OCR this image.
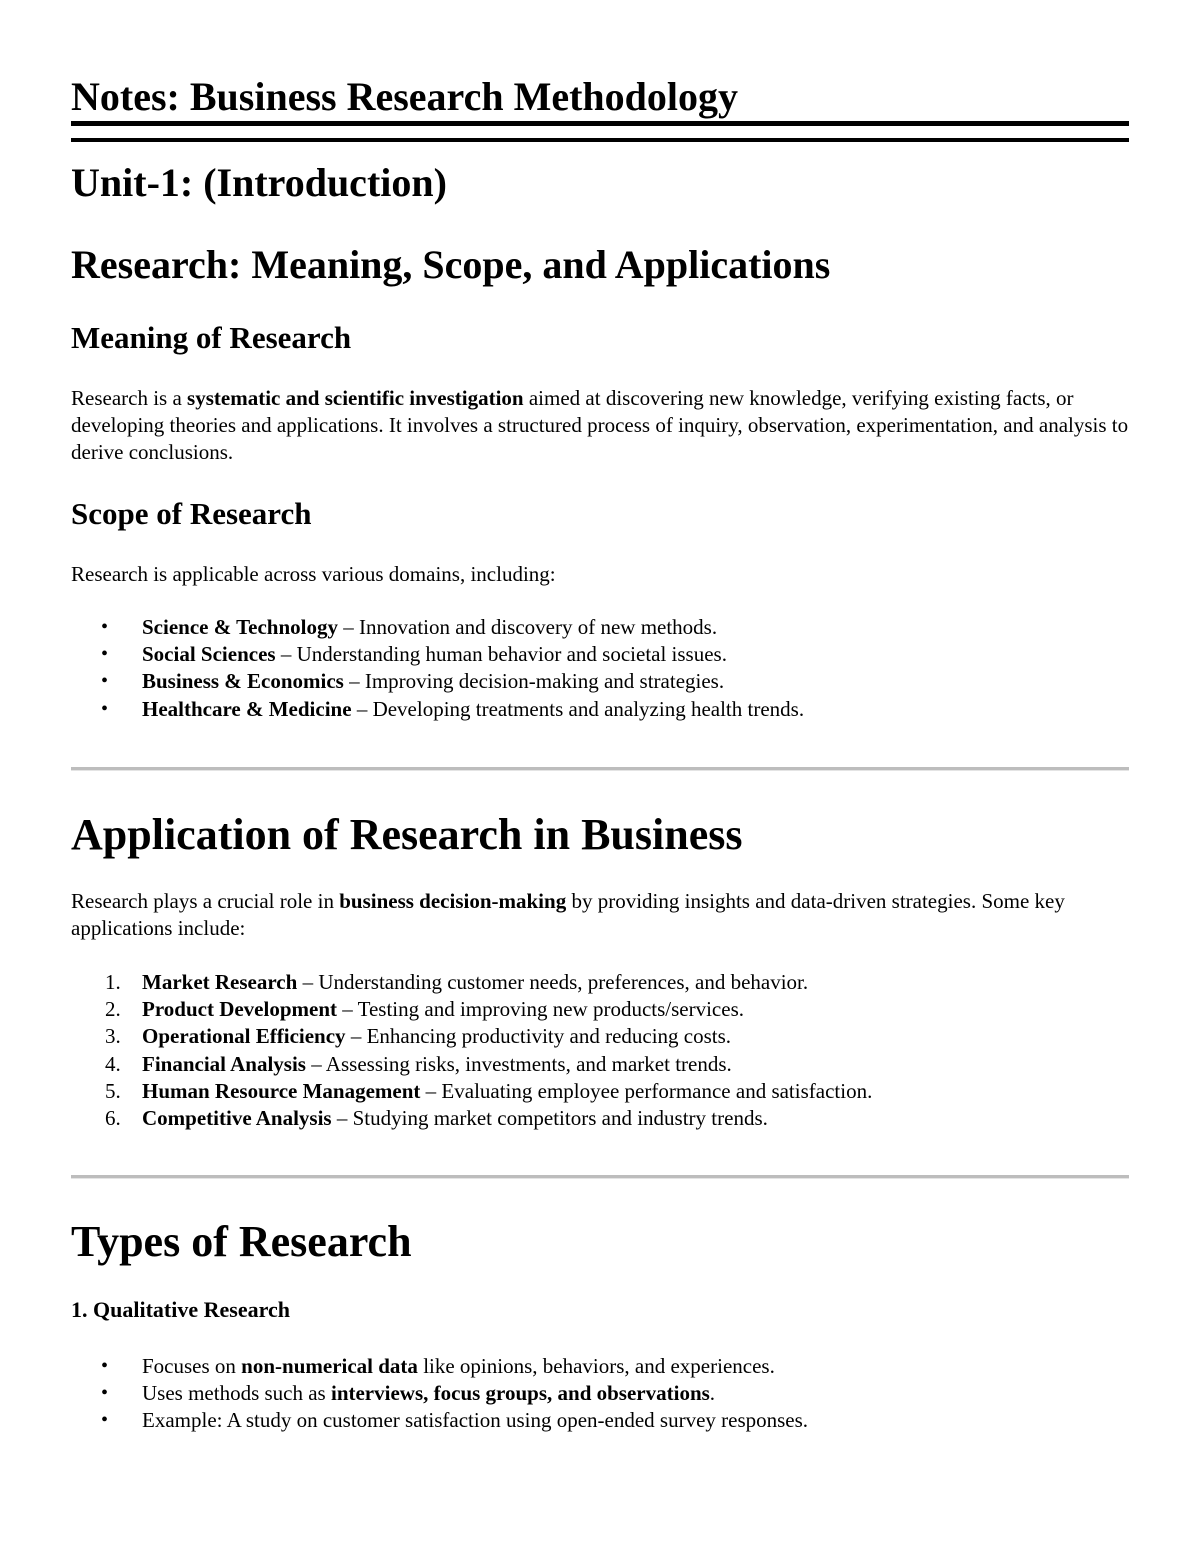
Notes: Business Research Methodology
Unit-1: (Introduction)
Research: Meaning, Scope, and Applications
Meaning of Research

Research is a systematic and scientific investigation aimed at discovering new knowledge, verifying existing facts, or developing theories and applications. It involves a structured process of inquiry, observation, experimentation, and analysis to derive conclusions.

Scope of Research

Research is applicable across various domains, including:

• Science & Technology – Innovation and discovery of new methods.
• Social Sciences – Understanding human behavior and societal issues.
• Business & Economics – Improving decision-making and strategies.
• Healthcare & Medicine – Developing treatments and analyzing health trends.
Application of Research in Business

Research plays a crucial role in business decision-making by providing insights and data-driven strategies. Some key applications include:

1. Market Research – Understanding customer needs, preferences, and behavior.
2. Product Development – Testing and improving new products/services.
3. Operational Efficiency – Enhancing productivity and reducing costs.
4. Financial Analysis – Assessing risks, investments, and market trends.
5. Human Resource Management – Evaluating employee performance and satisfaction.
6. Competitive Analysis – Studying market competitors and industry trends.
Types of Research
1. Qualitative Research
• Focuses on non-numerical data like opinions, behaviors, and experiences.
• Uses methods such as interviews, focus groups, and observations.
• Example: A study on customer satisfaction using open-ended survey responses.
